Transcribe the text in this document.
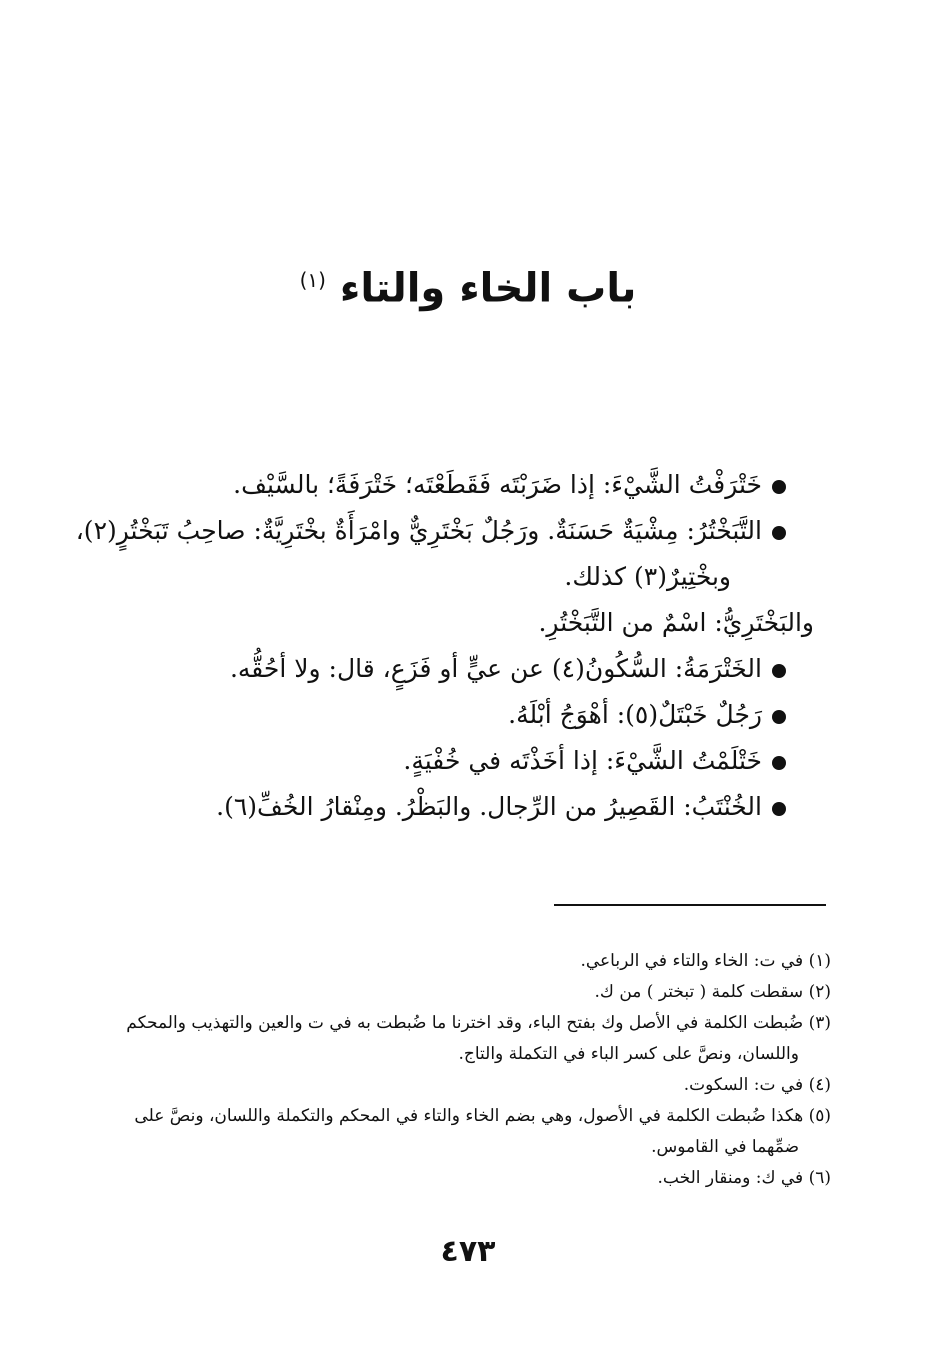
باب الخاء والتاء $^{(١)}$
خَتْرَفْتُ الشَّيْءَ: إذا ضَرَبْتَه فَقَطَعْتَه؛ خَتْرَفَةً؛ بالسَّيْف.
التَّبَخْتُرُ: مِشْيَةٌ حَسَنَةٌ. ورَجُلٌ بَخْتَرِيٌّ وامْرَأَةٌ بخْتَرِيَّةٌ: صاحِبُ تَبَخْتُرٍ(٢)،
وبخْتِيرٌ(٣) كذلك.
والبَخْتَرِيُّ: اسْمٌ من التَّبَخْتُرِ.
الخَتْرَمَةُ: السُّكُونُ(٤) عن عيٍّ أو فَزَعٍ، قال: ولا أحُقُّه.
رَجُلٌ خَبْتَلٌ(٥): أهْوَجُ أبْلَهُ.
خَتْلَمْتُ الشَّيْءَ: إذا أخَذْتَه في خُفْيَةٍ.
الخُنْتَبُ: القَصِيرُ من الرِّجال. والبَظْرُ. ومِنْقارُ الخُفِّ(٦).
(١) في ت: الخاء والتاء في الرباعي.
(٢) سقطت كلمة ( تبختر ) من ك.
(٣) ضُبطت الكلمة في الأصل وك بفتح الباء، وقد اخترنا ما ضُبطت به في ت والعين والتهذيب والمحكم
واللسان، ونصَّ على كسر الباء في التكملة والتاج.
(٤) في ت: السكوت.
(٥) هكذا ضُبطت الكلمة في الأصول، وهي بضم الخاء والتاء في المحكم والتكملة واللسان، ونصَّ على
ضمِّهما في القاموس.
(٦) في ك: ومنقار الخب.
٤٧٣
